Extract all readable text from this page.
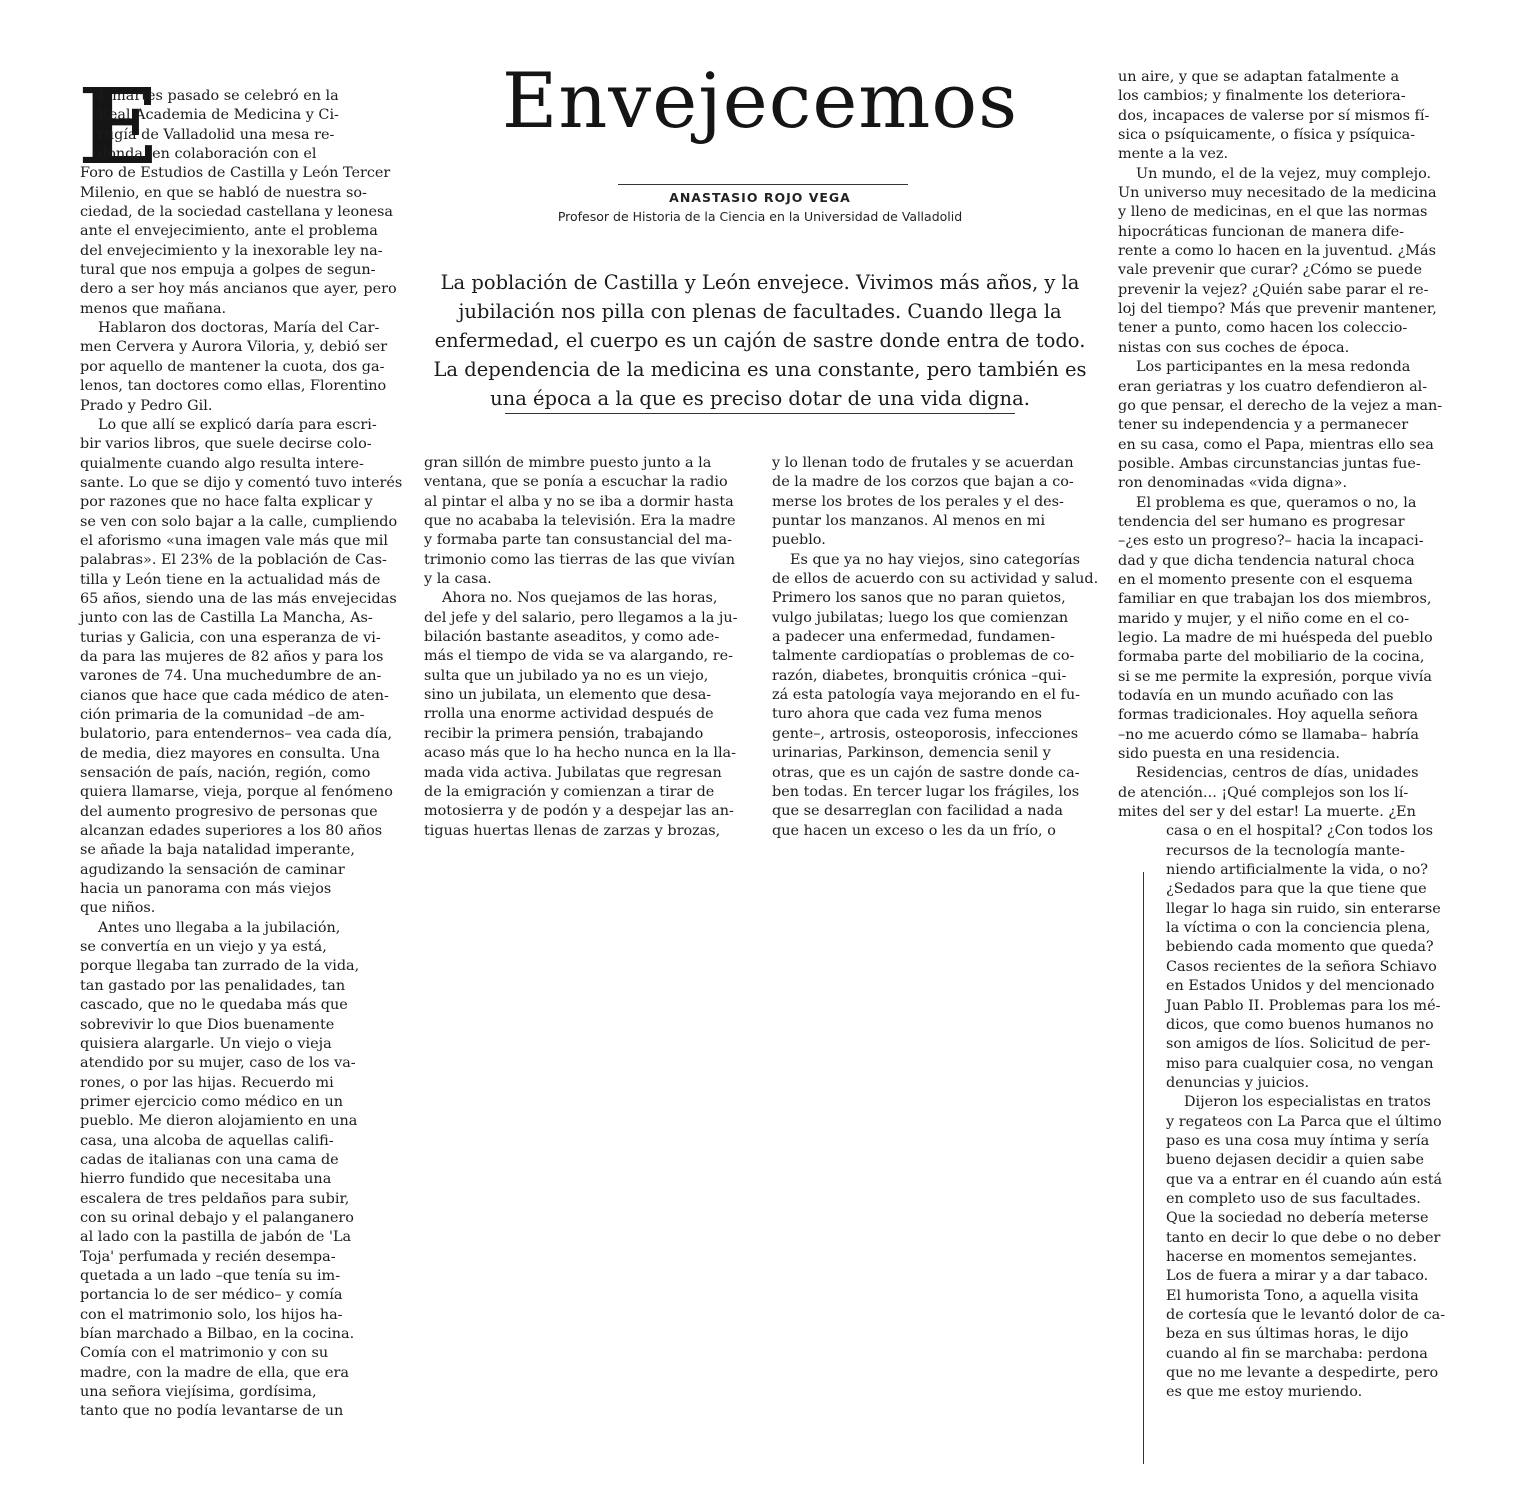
E	Envejecemos
ANASTASIO ROJO VEGA
Profesor de Historia de la Ciencia en la Universidad de Valladolid
La población de Castilla y León envejece. Vivimos más años, y la
jubilación nos pilla con plenas de facultades. Cuando llega la
enfermedad, el cuerpo es un cajón de sastre donde entra de todo.
La dependencia de la medicina es una constante, pero también es
una época a la que es preciso dotar de una vida digna.
L martes pasado se celebró en la
Real Academia de Medicina y Ci-
rugía de Valladolid una mesa re-
donda, en colaboración con el
Foro de Estudios de Castilla y León Tercer
Milenio, en que se habló de nuestra so-
ciedad, de la sociedad castellana y leonesa
ante el envejecimiento, ante el problema
del envejecimiento y la inexorable ley na-
tural que nos empuja a golpes de segun-
dero a ser hoy más ancianos que ayer, pero
menos que mañana.
Hablaron dos doctoras, María del Car-
men Cervera y Aurora Viloria, y, debió ser
por aquello de mantener la cuota, dos ga-
lenos, tan doctores como ellas, Florentino
Prado y Pedro Gil.
Lo que allí se explicó daría para escri-
bir varios libros, que suele decirse colo-
quialmente cuando algo resulta intere-
sante. Lo que se dijo y comentó tuvo interés
por razones que no hace falta explicar y
se ven con solo bajar a la calle, cumpliendo
el aforismo «una imagen vale más que mil
palabras». El 23% de la población de Cas-
tilla y León tiene en la actualidad más de
65 años, siendo una de las más envejecidas
junto con las de Castilla La Mancha, As-
turias y Galicia, con una esperanza de vi-
da para las mujeres de 82 años y para los
varones de 74. Una muchedumbre de an-
cianos que hace que cada médico de aten-
ción primaria de la comunidad –de am-
bulatorio, para entendernos– vea cada día,
de media, diez mayores en consulta. Una
sensación de país, nación, región, como
quiera llamarse, vieja, porque al fenómeno
del aumento progresivo de personas que
alcanzan edades superiores a los 80 años
se añade la baja natalidad imperante,
agudizando la sensación de caminar
hacia un panorama con más viejos
que niños.
Antes uno llegaba a la jubilación,
se convertía en un viejo y ya está,
porque llegaba tan zurrado de la vida,
tan gastado por las penalidades, tan
cascado, que no le quedaba más que
sobrevivir lo que Dios buenamente
quisiera alargarle. Un viejo o vieja
atendido por su mujer, caso de los va-
rones, o por las hijas. Recuerdo mi
primer ejercicio como médico en un
pueblo. Me dieron alojamiento en una
casa, una alcoba de aquellas califi-
cadas de italianas con una cama de
hierro fundido que necesitaba una
escalera de tres peldaños para subir,
con su orinal debajo y el palanganero
al lado con la pastilla de jabón de 'La
Toja' perfumada y recién desempa-
quetada a un lado –que tenía su im-
portancia lo de ser médico– y comía
con el matrimonio solo, los hijos ha-
bían marchado a Bilbao, en la cocina.
Comía con el matrimonio y con su
madre, con la madre de ella, que era
una señora viejísima, gordísima,
tanto que no podía levantarse de un
gran sillón de mimbre puesto junto a la
ventana, que se ponía a escuchar la radio
al pintar el alba y no se iba a dormir hasta
que no acababa la televisión. Era la madre
y formaba parte tan consustancial del ma-
trimonio como las tierras de las que vivían
y la casa.
Ahora no. Nos quejamos de las horas,
del jefe y del salario, pero llegamos a la ju-
bilación bastante aseaditos, y como ade-
más el tiempo de vida se va alargando, re-
sulta que un jubilado ya no es un viejo,
sino un jubilata, un elemento que desa-
rrolla una enorme actividad después de
recibir la primera pensión, trabajando
acaso más que lo ha hecho nunca en la lla-
mada vida activa. Jubilatas que regresan
de la emigración y comienzan a tirar de
motosierra y de podón y a despejar las an-
tiguas huertas llenas de zarzas y brozas,
y lo llenan todo de frutales y se acuerdan
de la madre de los corzos que bajan a co-
merse los brotes de los perales y el des-
puntar los manzanos. Al menos en mi
pueblo.
Es que ya no hay viejos, sino categorías
de ellos de acuerdo con su actividad y salud.
Primero los sanos que no paran quietos,
vulgo jubilatas; luego los que comienzan
a padecer una enfermedad, fundamen-
talmente cardiopatías o problemas de co-
razón, diabetes, bronquitis crónica –qui-
zá esta patología vaya mejorando en el fu-
turo ahora que cada vez fuma menos
gente–, artrosis, osteoporosis, infecciones
urinarias, Parkinson, demencia senil y
otras, que es un cajón de sastre donde ca-
ben todas. En tercer lugar los frágiles, los
que se desarreglan con facilidad a nada
que hacen un exceso o les da un frío, o
un aire, y que se adaptan fatalmente a
los cambios; y finalmente los deteriora-
dos, incapaces de valerse por sí mismos fí-
sica o psíquicamente, o física y psíquica-
mente a la vez.
Un mundo, el de la vejez, muy complejo.
Un universo muy necesitado de la medicina
y lleno de medicinas, en el que las normas
hipocráticas funcionan de manera dife-
rente a como lo hacen en la juventud. ¿Más
vale prevenir que curar? ¿Cómo se puede
prevenir la vejez? ¿Quién sabe parar el re-
loj del tiempo? Más que prevenir mantener,
tener a punto, como hacen los coleccio-
nistas con sus coches de época.
Los participantes en la mesa redonda
eran geriatras y los cuatro defendieron al-
go que pensar, el derecho de la vejez a man-
tener su independencia y a permanecer
en su casa, como el Papa, mientras ello sea
posible. Ambas circunstancias juntas fue-
ron denominadas «vida digna».
El problema es que, queramos o no, la
tendencia del ser humano es progresar
–¿es esto un progreso?– hacia la incapaci-
dad y que dicha tendencia natural choca
en el momento presente con el esquema
familiar en que trabajan los dos miembros,
marido y mujer, y el niño come en el co-
legio. La madre de mi huéspeda del pueblo
formaba parte del mobiliario de la cocina,
si se me permite la expresión, porque vivía
todavía en un mundo acuñado con las
formas tradicionales. Hoy aquella señora
–no me acuerdo cómo se llamaba– habría
sido puesta en una residencia.
Residencias, centros de días, unidades
de atención... ¡Qué complejos son los lí-
mites del ser y del estar! La muerte. ¿En
casa o en el hospital? ¿Con todos los
recursos de la tecnología mante-
niendo artificialmente la vida, o no?
¿Sedados para que la que tiene que
llegar lo haga sin ruido, sin enterarse
la víctima o con la conciencia plena,
bebiendo cada momento que queda?
Casos recientes de la señora Schiavo
en Estados Unidos y del mencionado
Juan Pablo II. Problemas para los mé-
dicos, que como buenos humanos no
son amigos de líos. Solicitud de per-
miso para cualquier cosa, no vengan
denuncias y juicios.
Dijeron los especialistas en tratos
y regateos con La Parca que el último
paso es una cosa muy íntima y sería
bueno dejasen decidir a quien sabe
que va a entrar en él cuando aún está
en completo uso de sus facultades.
Que la sociedad no debería meterse
tanto en decir lo que debe o no deber
hacerse en momentos semejantes.
Los de fuera a mirar y a dar tabaco.
El humorista Tono, a aquella visita
de cortesía que le levantó dolor de ca-
beza en sus últimas horas, le dijo
cuando al fin se marchaba: perdona
que no me levante a despedirte, pero
es que me estoy muriendo.
